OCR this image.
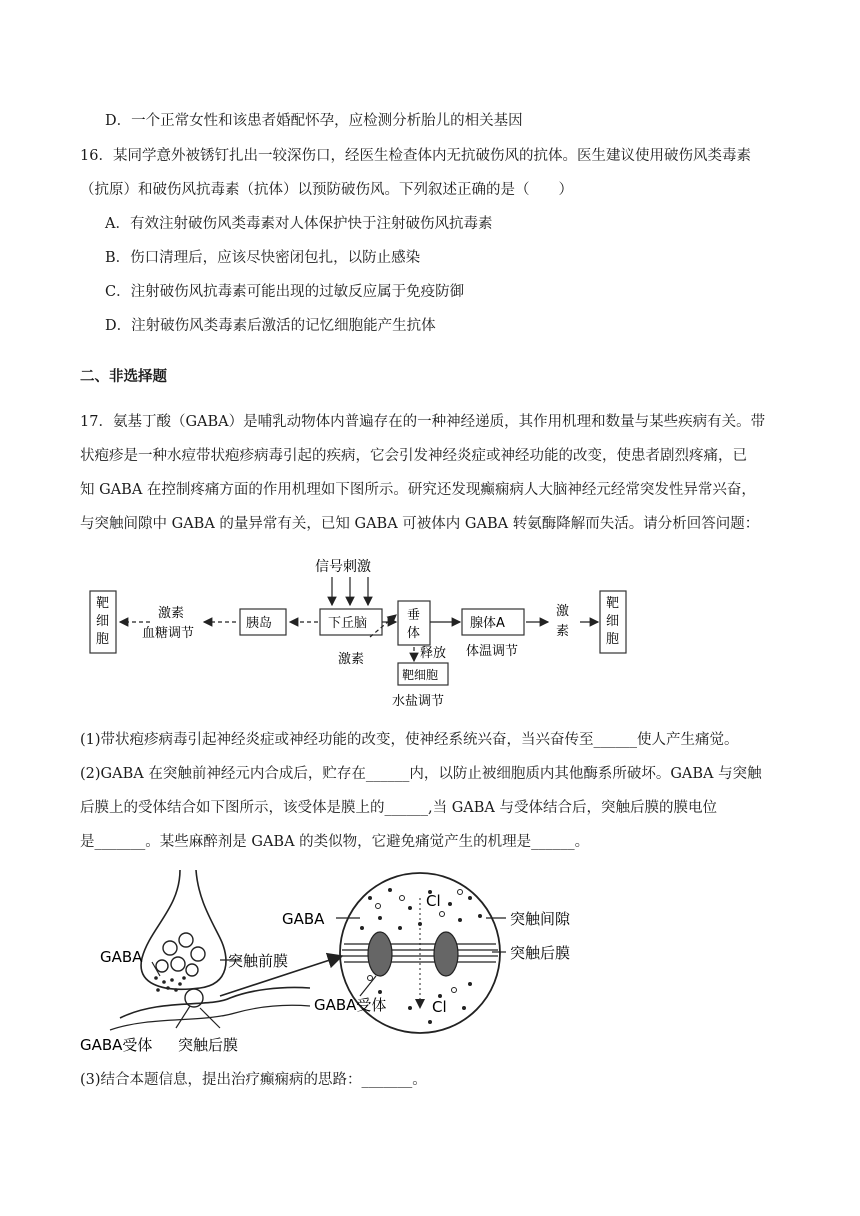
D．一个正常女性和该患者婚配怀孕，应检测分析胎儿的相关基因
16．某同学意外被锈钉扎出一较深伤口，经医生检查体内无抗破伤风的抗体。医生建议使用破伤风类毒素
（抗原）和破伤风抗毒素（抗体）以预防破伤风。下列叙述正确的是（　　）
A．有效注射破伤风类毒素对人体保护快于注射破伤风抗毒素
B．伤口清理后，应该尽快密闭包扎，以防止感染
C．注射破伤风抗毒素可能出现的过敏反应属于免疫防御
D．注射破伤风类毒素后激活的记忆细胞能产生抗体
二、非选择题
17．氨基丁酸（GABA）是哺乳动物体内普遍存在的一种神经递质，其作用机理和数量与某些疾病有关。带
状疱疹是一种水痘带状疱疹病毒引起的疾病，它会引发神经炎症或神经功能的改变，使患者剧烈疼痛，已
知 GABA 在控制疼痛方面的作用机理如下图所示。研究还发现癫痫病人大脑神经元经常突发性异常兴奋，
与突触间隙中 GABA 的量异常有关，已知 GABA 可被体内 GABA 转氨酶降解而失活。请分析回答问题：
信号刺激
靶
细
胞
激素
血糖调节
胰岛	下丘脑
垂
体
激素	释放
靶细胞
水盐调节
腺体A
体温调节
激
素
靶
细
胞
(1)带状疱疹病毒引起神经炎症或神经功能的改变，使神经系统兴奋，当兴奋传至______使人产生痛觉。
(2)GABA 在突触前神经元内合成后，贮存在______内，以防止被细胞质内其他酶系所破坏。GABA 与突触
后膜上的受体结合如下图所示，该受体是膜上的______,当 GABA 与受体结合后，突触后膜的膜电位
是_______。某些麻醉剂是 GABA 的类似物，它避免痛觉产生的机理是______。
GABA	突触前膜
GABA受体 突触后膜
GABA
Cl
突触间隙
突触后膜
GABA受体	Cl
(3)结合本题信息，提出治疗癫痫病的思路：_______。
